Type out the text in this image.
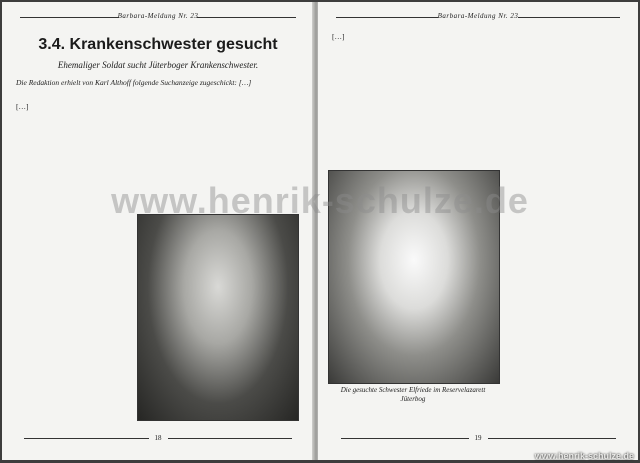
Barbara-Meldung Nr. 23
3.4. Krankenschwester gesucht

Ehemaliger Soldat sucht Jüterboger Krankenschwester.

Die Redaktion erhielt von Karl Althoff folgende Suchanzeige zugeschickt: […]

[…]

18
Barbara-Meldung Nr. 23

[…]

Die gesuchte Schwester Elfriede im Reservelazarett Jüterbog
19
www.henrik-schulze.de
www.henrik-schulze.de
